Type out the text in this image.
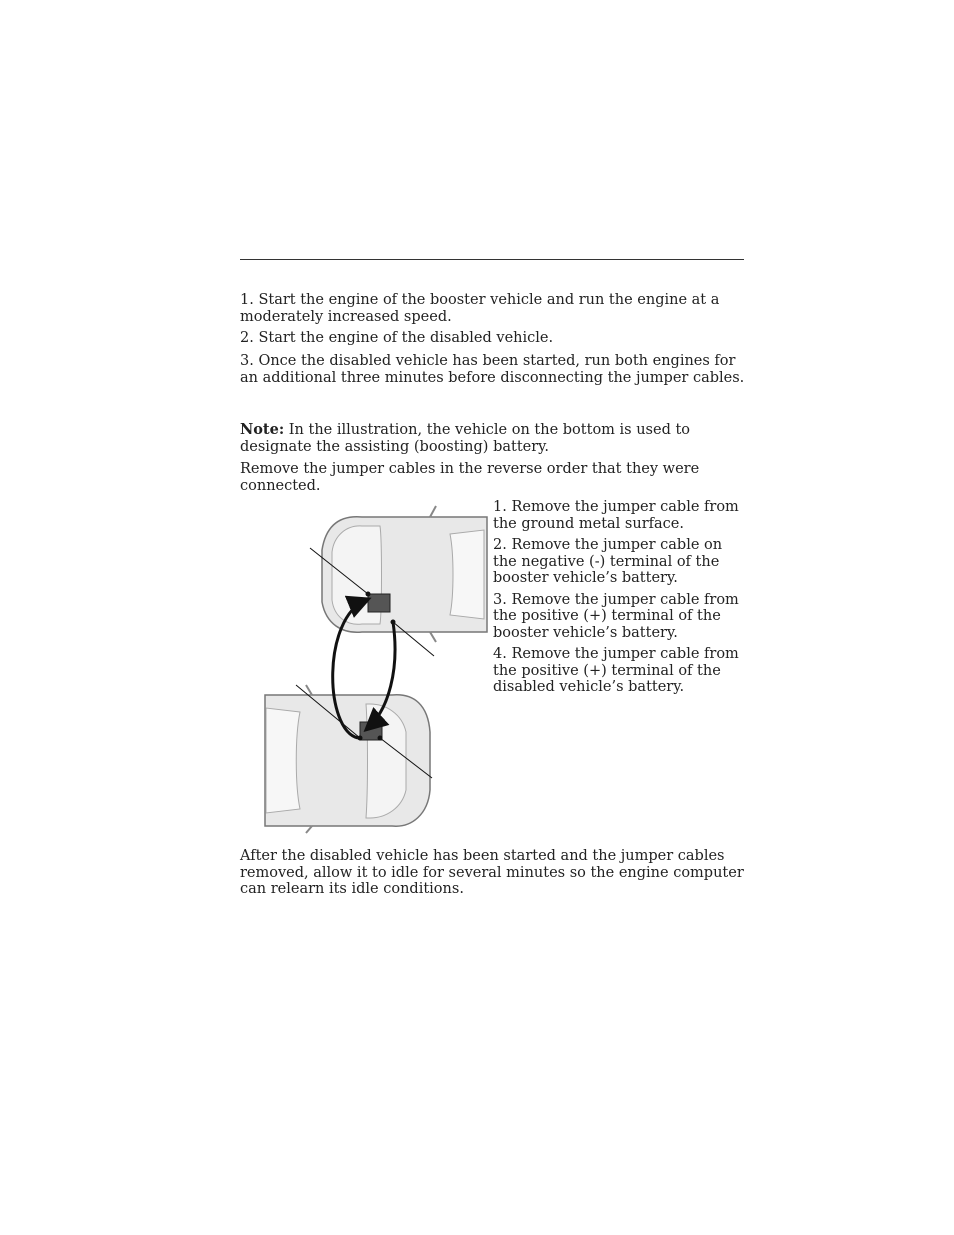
1. Start the engine of the booster vehicle and run the engine at a moderately increased speed.

2. Start the engine of the disabled vehicle.

3. Once the disabled vehicle has been started, run both engines for an additional three minutes before disconnecting the jumper cables.

Note: In the illustration, the vehicle on the bottom is used to designate the assisting (boosting) battery.

Remove the jumper cables in the reverse order that they were connected.

1. Remove the jumper cable from the ground metal surface.

2. Remove the jumper cable on the negative (-) terminal of the booster vehicle’s battery.

3. Remove the jumper cable from the positive (+) terminal of the booster vehicle’s battery.

4. Remove the jumper cable from the positive (+) terminal of the disabled vehicle’s battery.

After the disabled vehicle has been started and the jumper cables removed, allow it to idle for several minutes so the engine computer can relearn its idle conditions.
